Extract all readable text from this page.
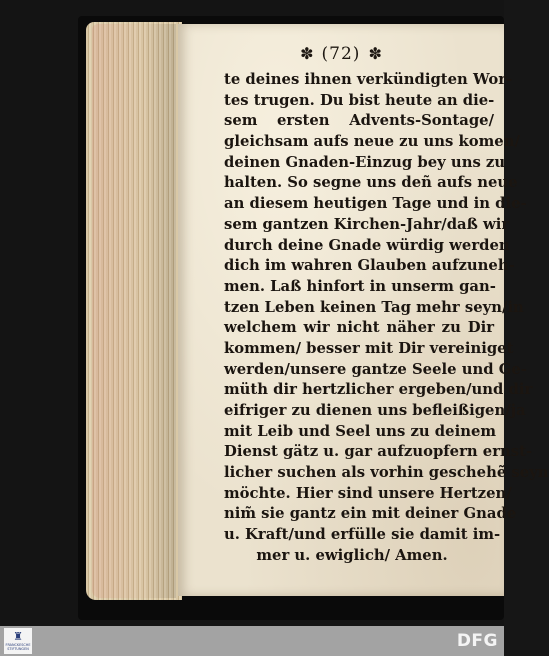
✽ (72) ✽
te deines ihnen verkündigten Wor-
tes trugen. Du bist heute an die-
sem ersten Advents-Sontage/
gleichsam aufs neue zu uns komen/
deinen Gnaden-Einzug bey uns zu
halten. So segne uns deñ aufs neue
an diesem heutigen Tage und in die-
sem gantzen Kirchen-Jahr/daß wir
durch deine Gnade würdig werden
dich im wahren Glauben aufzuneh-
men. Laß hinfort in unserm gan-
tzen Leben keinen Tag mehr seyn/in
welchem wir nicht näher zu Dir
kommen/ besser mit Dir vereiniget
werden/unsere gantze Seele und Ge-
müth dir hertzlicher ergeben/und dir
eifriger zu dienen uns befleißigen/ja
mit Leib und Seel uns zu deinem
Dienst gätz u. gar aufzuopfern ernst-
licher suchen als vorhin geschehẽ seyn
möchte. Hier sind unsere Hertzen/
nim̃ sie gantz ein mit deiner Gnade
u. Kraft/und erfülle sie damit im-
mer u. ewiglich/ Amen.
♜
FRANCKESCHE STIFTUNGEN	DFG
